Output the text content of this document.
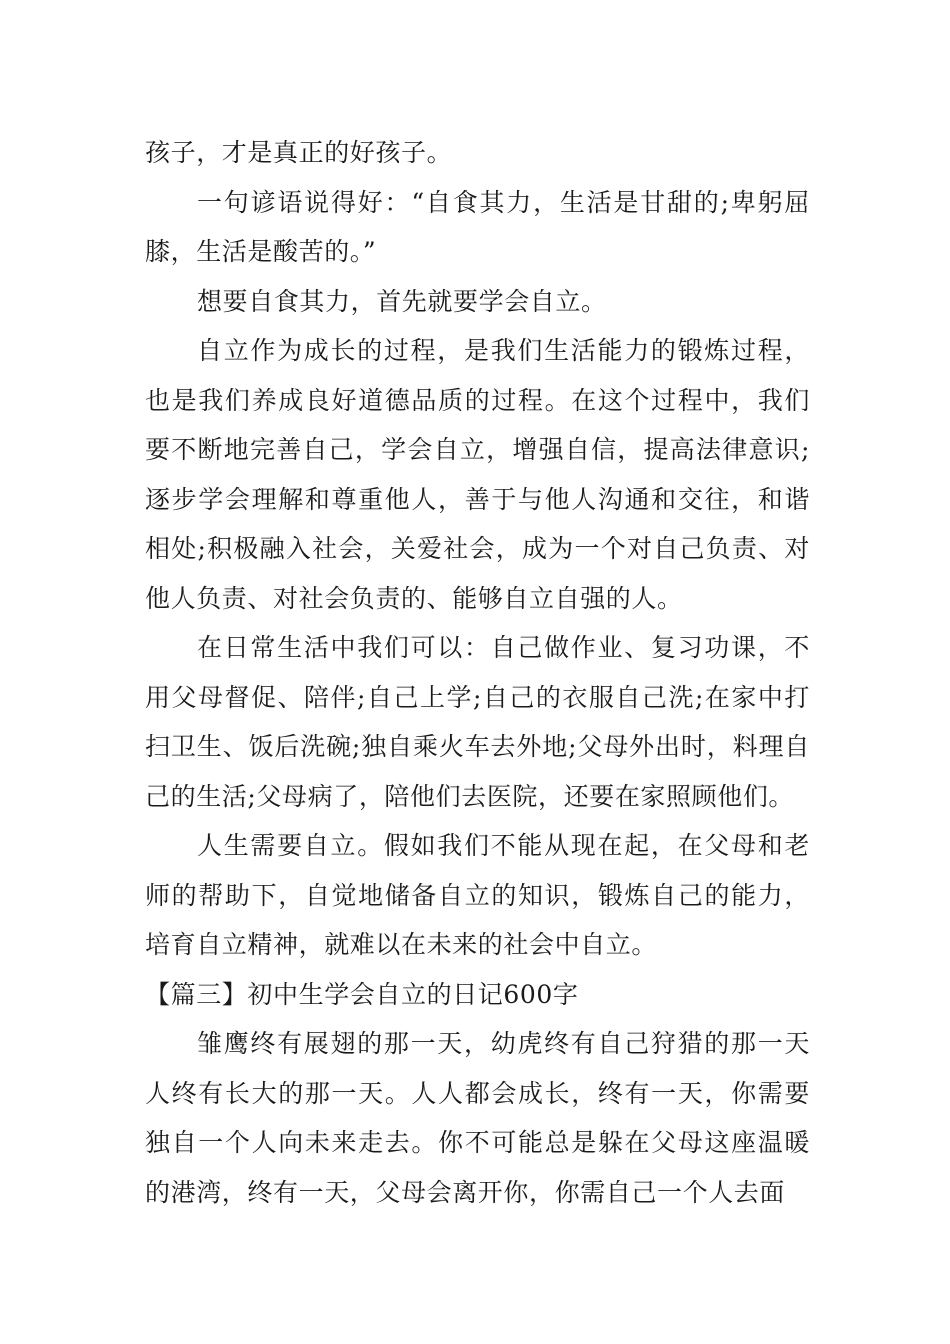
孩子，才是真正的好孩子。

一句谚语说得好：“自食其力，生活是甘甜的;卑躬屈膝，生活是酸苦的。”

想要自食其力，首先就要学会自立。

自立作为成长的过程，是我们生活能力的锻炼过程，也是我们养成良好道德品质的过程。在这个过程中，我们要不断地完善自己，学会自立，增强自信，提高法律意识;逐步学会理解和尊重他人，善于与他人沟通和交往，和谐相处;积极融入社会，关爱社会，成为一个对自己负责、对他人负责、对社会负责的、能够自立自强的人。

在日常生活中我们可以：自己做作业、复习功课，不用父母督促、陪伴;自己上学;自己的衣服自己洗;在家中打扫卫生、饭后洗碗;独自乘火车去外地;父母外出时，料理自己的生活;父母病了，陪他们去医院，还要在家照顾他们。

人生需要自立。假如我们不能从现在起，在父母和老师的帮助下，自觉地储备自立的知识，锻炼自己的能力，培育自立精神，就难以在未来的社会中自立。

【篇三】初中生学会自立的日记600字

雏鹰终有展翅的那一天，幼虎终有自己狩猎的那一天人终有长大的那一天。人人都会成长，终有一天，你需要独自一个人向未来走去。你不可能总是躲在父母这座温暖的港湾，终有一天，父母会离开你，你需自己一个人去面
